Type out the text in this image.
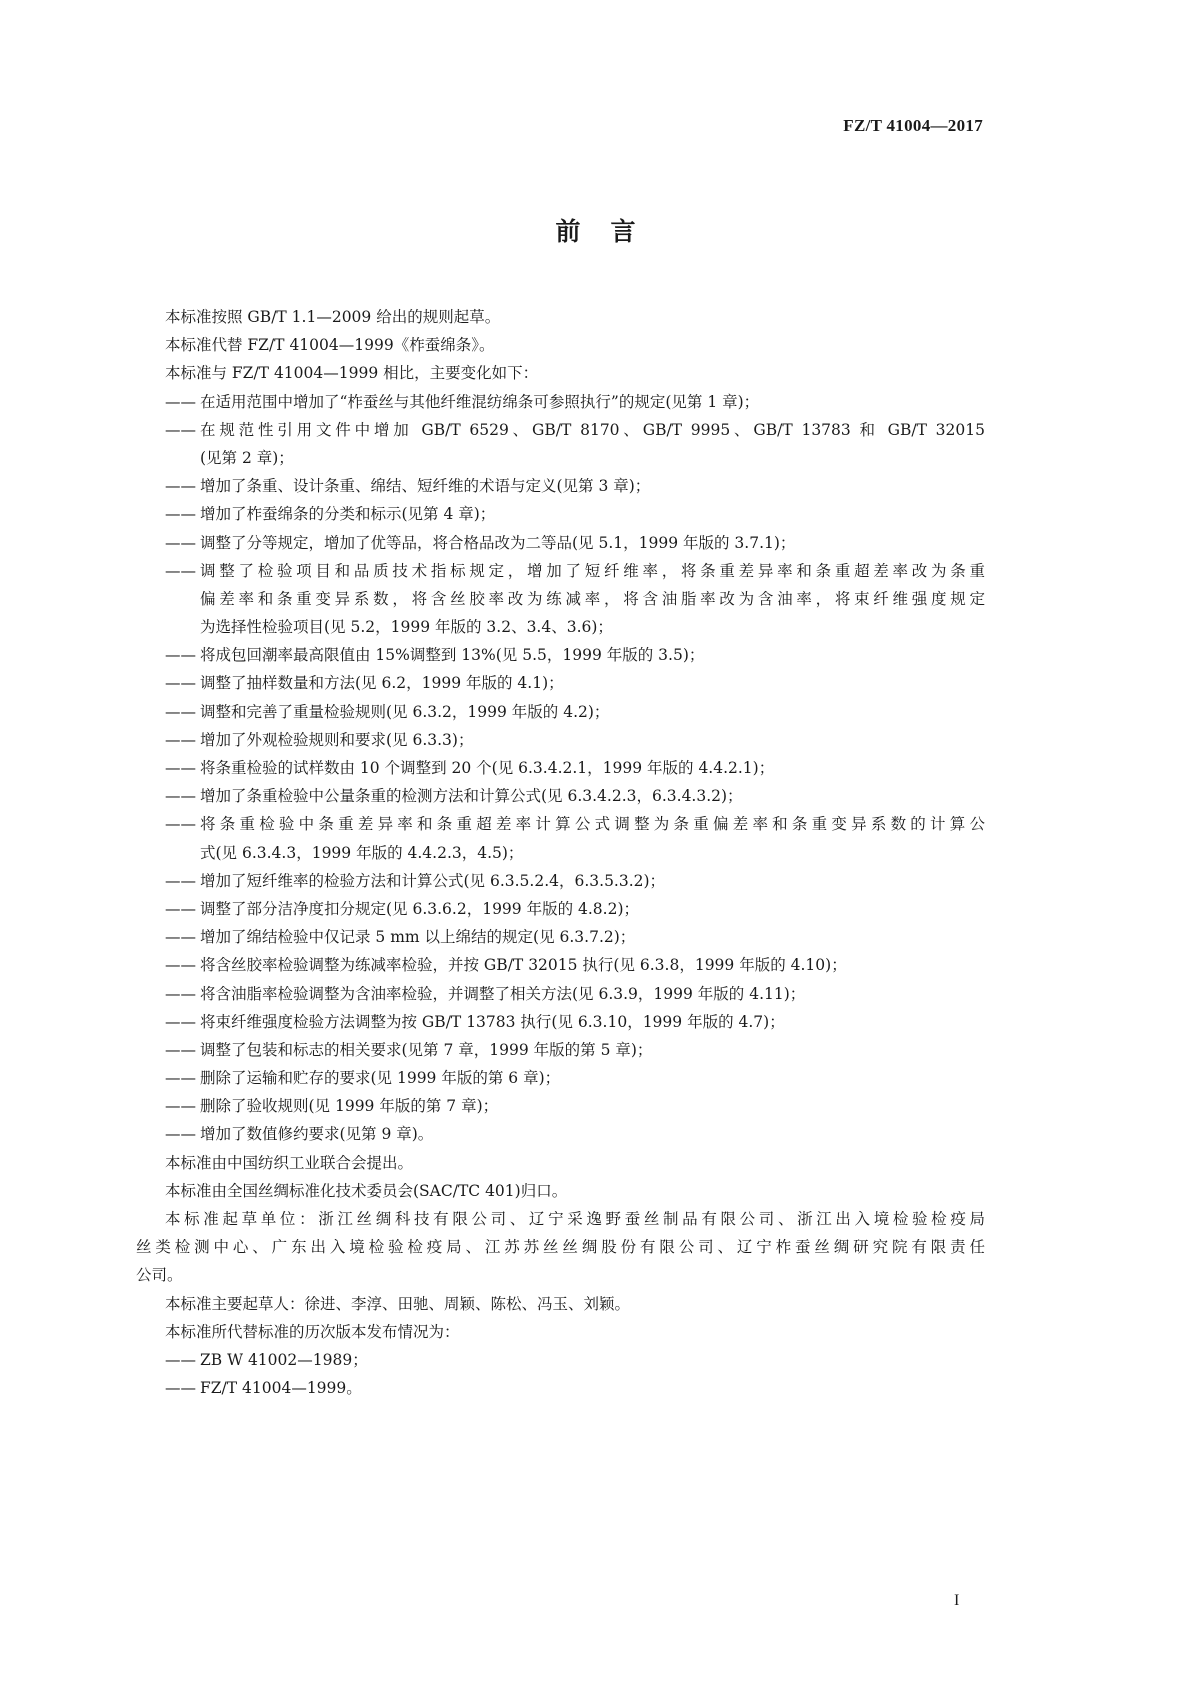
FZ/T 41004—2017
前言
本标准按照 GB/T 1.1—2009 给出的规则起草。
本标准代替 FZ/T 41004—1999《柞蚕绵条》。
本标准与 FZ/T 41004—1999 相比，主要变化如下：
—— 在适用范围中增加了“柞蚕丝与其他纤维混纺绵条可参照执行”的规定(见第 1 章)；
—— 在规范性引用文件中增加 GB/T 6529、GB/T 8170、GB/T 9995、GB/T 13783 和 GB/T 32015
(见第 2 章)；
—— 增加了条重、设计条重、绵结、短纤维的术语与定义(见第 3 章)；
—— 增加了柞蚕绵条的分类和标示(见第 4 章)；
—— 调整了分等规定，增加了优等品，将合格品改为二等品(见 5.1，1999 年版的 3.7.1)；
—— 调整了检验项目和品质技术指标规定，增加了短纤维率，将条重差异率和条重超差率改为条重
偏差率和条重变异系数，将含丝胶率改为练减率，将含油脂率改为含油率，将束纤维强度规定
为选择性检验项目(见 5.2，1999 年版的 3.2、3.4、3.6)；
—— 将成包回潮率最高限值由 15%调整到 13%(见 5.5，1999 年版的 3.5)；
—— 调整了抽样数量和方法(见 6.2，1999 年版的 4.1)；
—— 调整和完善了重量检验规则(见 6.3.2，1999 年版的 4.2)；
—— 增加了外观检验规则和要求(见 6.3.3)；
—— 将条重检验的试样数由 10 个调整到 20 个(见 6.3.4.2.1，1999 年版的 4.4.2.1)；
—— 增加了条重检验中公量条重的检测方法和计算公式(见 6.3.4.2.3，6.3.4.3.2)；
—— 将条重检验中条重差异率和条重超差率计算公式调整为条重偏差率和条重变异系数的计算公
式(见 6.3.4.3，1999 年版的 4.4.2.3，4.5)；
—— 增加了短纤维率的检验方法和计算公式(见 6.3.5.2.4，6.3.5.3.2)；
—— 调整了部分洁净度扣分规定(见 6.3.6.2，1999 年版的 4.8.2)；
—— 增加了绵结检验中仅记录 5 mm 以上绵结的规定(见 6.3.7.2)；
—— 将含丝胶率检验调整为练减率检验，并按 GB/T 32015 执行(见 6.3.8，1999 年版的 4.10)；
—— 将含油脂率检验调整为含油率检验，并调整了相关方法(见 6.3.9，1999 年版的 4.11)；
—— 将束纤维强度检验方法调整为按 GB/T 13783 执行(见 6.3.10，1999 年版的 4.7)；
—— 调整了包装和标志的相关要求(见第 7 章，1999 年版的第 5 章)；
—— 删除了运输和贮存的要求(见 1999 年版的第 6 章)；
—— 删除了验收规则(见 1999 年版的第 7 章)；
—— 增加了数值修约要求(见第 9 章)。
本标准由中国纺织工业联合会提出。
本标准由全国丝绸标准化技术委员会(SAC/TC 401)归口。
本标准起草单位：浙江丝绸科技有限公司、辽宁采逸野蚕丝制品有限公司、浙江出入境检验检疫局
丝类检测中心、广东出入境检验检疫局、江苏苏丝丝绸股份有限公司、辽宁柞蚕丝绸研究院有限责任
公司。
本标准主要起草人：徐进、李淳、田驰、周颖、陈松、冯玉、刘颖。
本标准所代替标准的历次版本发布情况为：
—— ZB W 41002—1989；
—— FZ/T 41004—1999。
I
